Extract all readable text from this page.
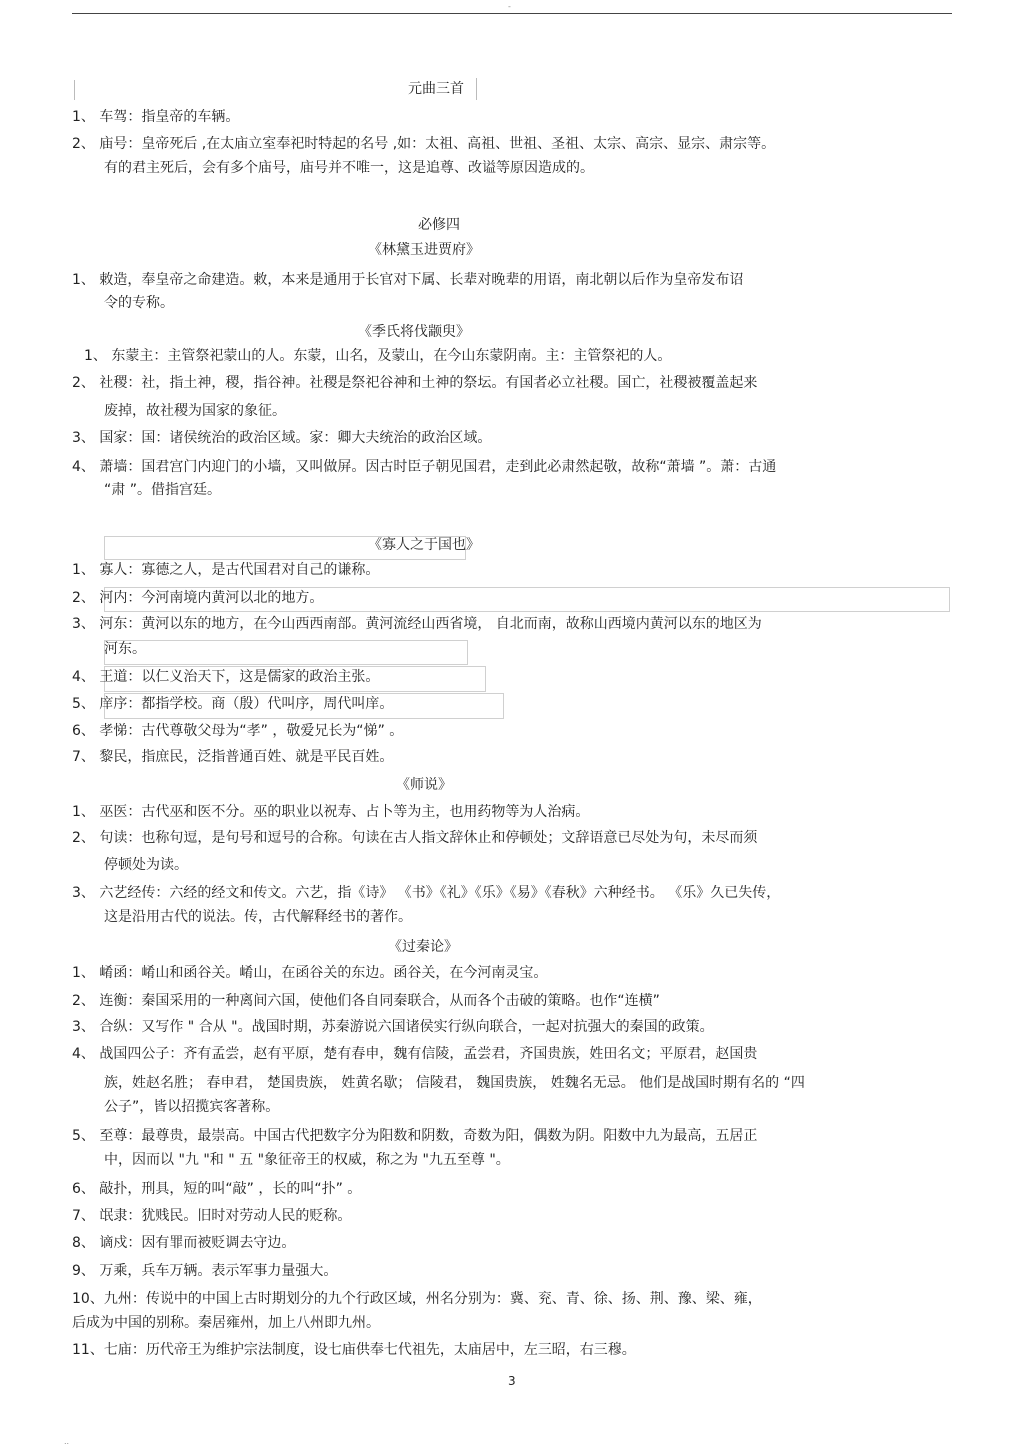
-
元曲三首
1、 车驾：指皇帝的车辆。
2、 庙号：皇帝死后 ,在太庙立室奉祀时特起的名号 ,如：太祖、高祖、世祖、圣祖、太宗、高宗、显宗、肃宗等。
有的君主死后，会有多个庙号，庙号并不唯一，这是追尊、改谥等原因造成的。
必修四
《林黛玉进贾府》
1、 敕造，奉皇帝之命建造。敕，本来是通用于长官对下属、长辈对晚辈的用语，南北朝以后作为皇帝发布诏
令的专称。
《季氏将伐颛臾》
1、 东蒙主：主管祭祀蒙山的人。东蒙，山名，及蒙山，在今山东蒙阴南。主：主管祭祀的人。
2、 社稷：社，指土神，稷，指谷神。社稷是祭祀谷神和土神的祭坛。有国者必立社稷。国亡，社稷被覆盖起来
废掉，故社稷为国家的象征。
3、 国家：国：诸侯统治的政治区域。家：卿大夫统治的政治区域。
4、 萧墙：国君宫门内迎门的小墙，又叫做屏。因古时臣子朝见国君，走到此必肃然起敬，故称“萧墙 ”。萧：古通
“肃 ”。借指宫廷。
《寡人之于国也》
1、 寡人：寡德之人，是古代国君对自己的谦称。
2、 河内：今河南境内黄河以北的地方。
3、 河东：黄河以东的地方，在今山西西南部。黄河流经山西省境， 自北而南，故称山西境内黄河以东的地区为
河东。
4、 王道：以仁义治天下，这是儒家的政治主张。
5、 庠序：都指学校。商（殷）代叫序，周代叫庠。
6、 孝悌：古代尊敬父母为“孝” ，敬爱兄长为“悌” 。
7、 黎民，指庶民，泛指普通百姓、就是平民百姓。
《师说》
1、 巫医：古代巫和医不分。巫的职业以祝寿、占卜等为主，也用药物等为人治病。
2、 句读：也称句逗，是句号和逗号的合称。句读在古人指文辞休止和停顿处；文辞语意已尽处为句，未尽而须
停顿处为读。
3、 六艺经传：六经的经文和传文。六艺，指《诗》 《书》《礼》《乐》《易》《春秋》六种经书。 《乐》久已失传，
这是沿用古代的说法。传，古代解释经书的著作。
《过秦论》
1、 崤函：崤山和函谷关。崤山，在函谷关的东边。函谷关，在今河南灵宝。
2、 连衡：秦国采用的一种离间六国，使他们各自同秦联合，从而各个击破的策略。也作“连横”
3、 合纵：又写作 " 合从 "。战国时期，苏秦游说六国诸侯实行纵向联合，一起对抗强大的秦国的政策。
4、 战国四公子：齐有孟尝，赵有平原，楚有春申，魏有信陵，孟尝君，齐国贵族，姓田名文；平原君，赵国贵
族，姓赵名胜； 春申君， 楚国贵族， 姓黄名歇； 信陵君， 魏国贵族， 姓魏名无忌。 他们是战国时期有名的 “四
公子”，皆以招揽宾客著称。
5、 至尊：最尊贵，最崇高。中国古代把数字分为阳数和阴数，奇数为阳，偶数为阴。阳数中九为最高，五居正
中，因而以 "九 "和 " 五 "象征帝王的权威，称之为 "九五至尊 "。
6、 敲扑，刑具，短的叫“敲” ，长的叫“扑” 。
7、 氓隶：犹贱民。旧时对劳动人民的贬称。
8、 谪戍：因有罪而被贬调去守边。
9、 万乘，兵车万辆。表示军事力量强大。
10、九州：传说中的中国上古时期划分的九个行政区域，州名分别为：冀、兖、青、徐、扬、荆、豫、梁、雍，
后成为中国的别称。秦居雍州，加上八州即九州。
11、七庙：历代帝王为维护宗法制度，设七庙供奉七代祖先，太庙居中，左三昭，右三穆。
3
..
